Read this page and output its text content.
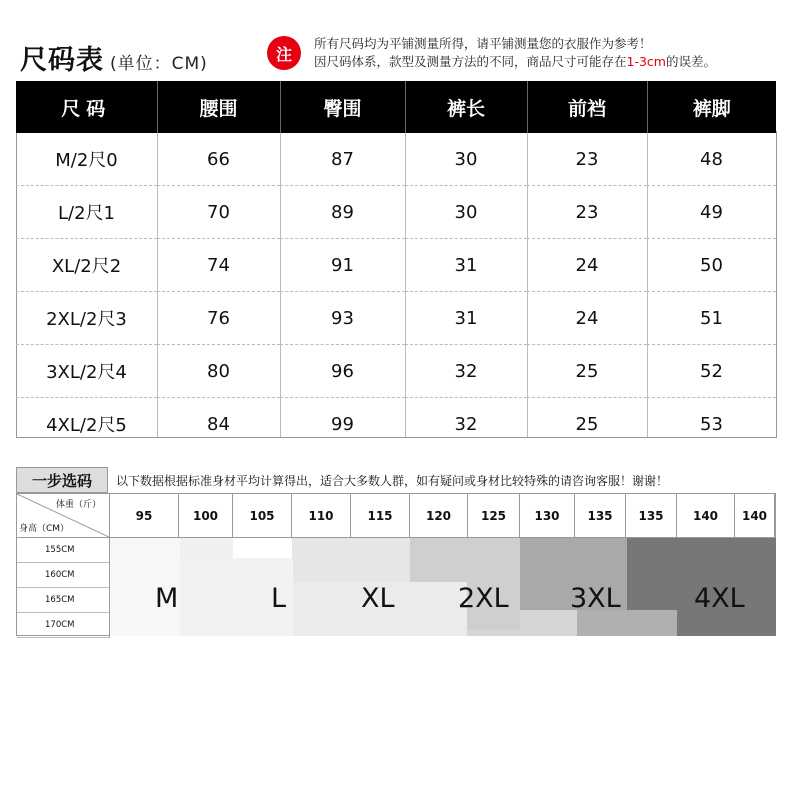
尺码表 (单位：CM)	注
所有尺码均为平铺测量所得，请平铺测量您的衣服作为参考！
因尺码体系，款型及测量方法的不同，商品尺寸可能存在1-3cm的误差。
尺码	腰围	臀围	裤长	前裆	裤脚
M/2尺0	66	87	30	23	48
L/2尺1	70	89	30	23	49
XL/2尺2	74	91	31	24	50
2XL/2尺3	76	93	31	24	51
3XL/2尺4	80	96	32	25	52
4XL/2尺5	84	99	32	25	53
一步选码	以下数据根据标准身材平均计算得出，适合大多数人群，如有疑问或身材比较特殊的请咨询客服！谢谢！
体重（斤）
身高（CM）
95	100	105	110	115	120	125	130	135	135	140	140
155CM
160CM
165CM
170CM
M	L	XL 2XL 3XL	4XL
